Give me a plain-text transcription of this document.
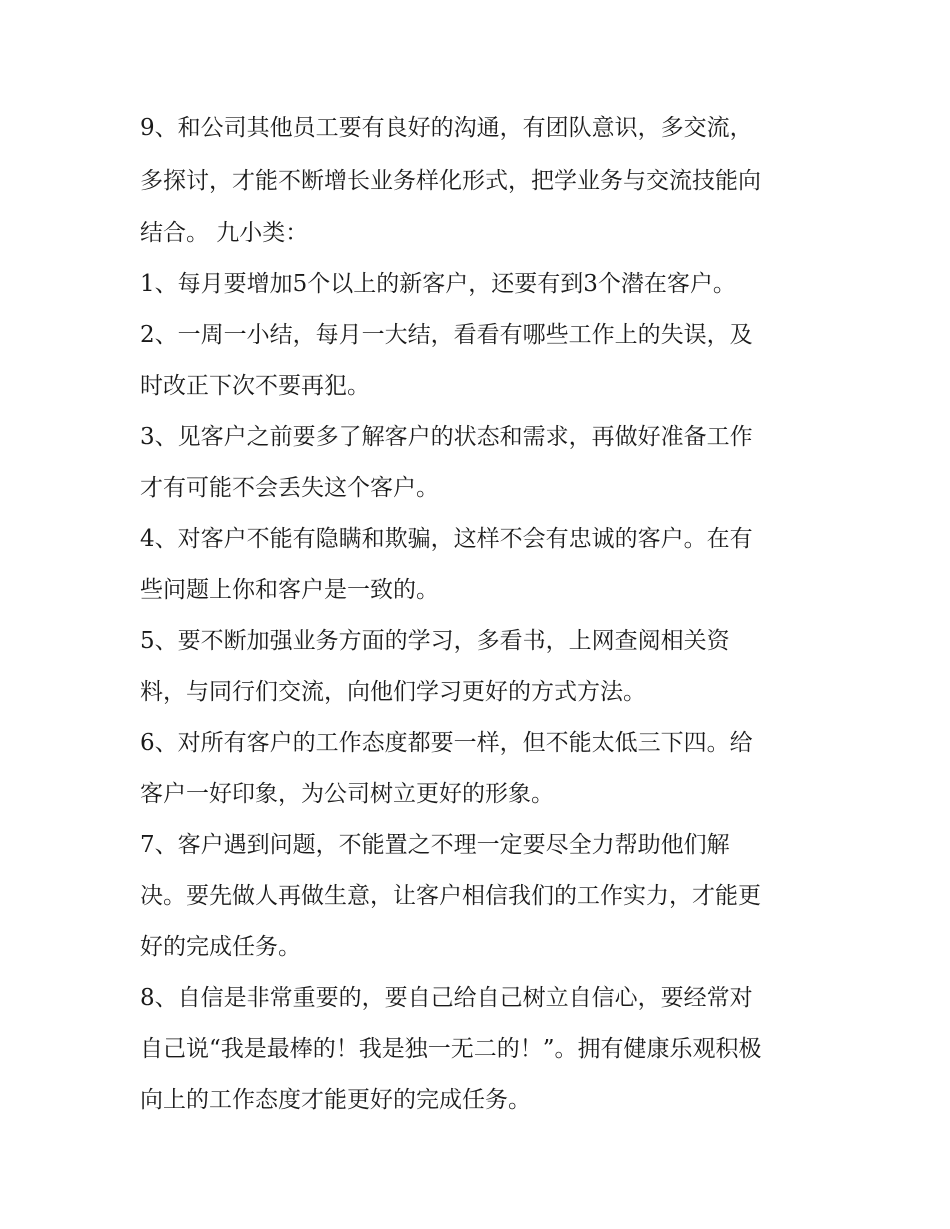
9、和公司其他员工要有良好的沟通，有团队意识，多交流，
多探讨，才能不断增长业务样化形式，把学业务与交流技能向
结合。 九小类：
1、每月要增加5个以上的新客户，还要有到3个潜在客户。
2、一周一小结，每月一大结，看看有哪些工作上的失误，及
时改正下次不要再犯。
3、见客户之前要多了解客户的状态和需求，再做好准备工作
才有可能不会丢失这个客户。
4、对客户不能有隐瞒和欺骗，这样不会有忠诚的客户。在有
些问题上你和客户是一致的。
5、要不断加强业务方面的学习，多看书，上网查阅相关资
料，与同行们交流，向他们学习更好的方式方法。
6、对所有客户的工作态度都要一样，但不能太低三下四。给
客户一好印象，为公司树立更好的形象。
7、客户遇到问题，不能置之不理一定要尽全力帮助他们解
决。要先做人再做生意，让客户相信我们的工作实力，才能更
好的完成任务。
8、自信是非常重要的，要自己给自己树立自信心，要经常对
自己说“我是最棒的！我是独一无二的！”。拥有健康乐观积极
向上的工作态度才能更好的完成任务。
